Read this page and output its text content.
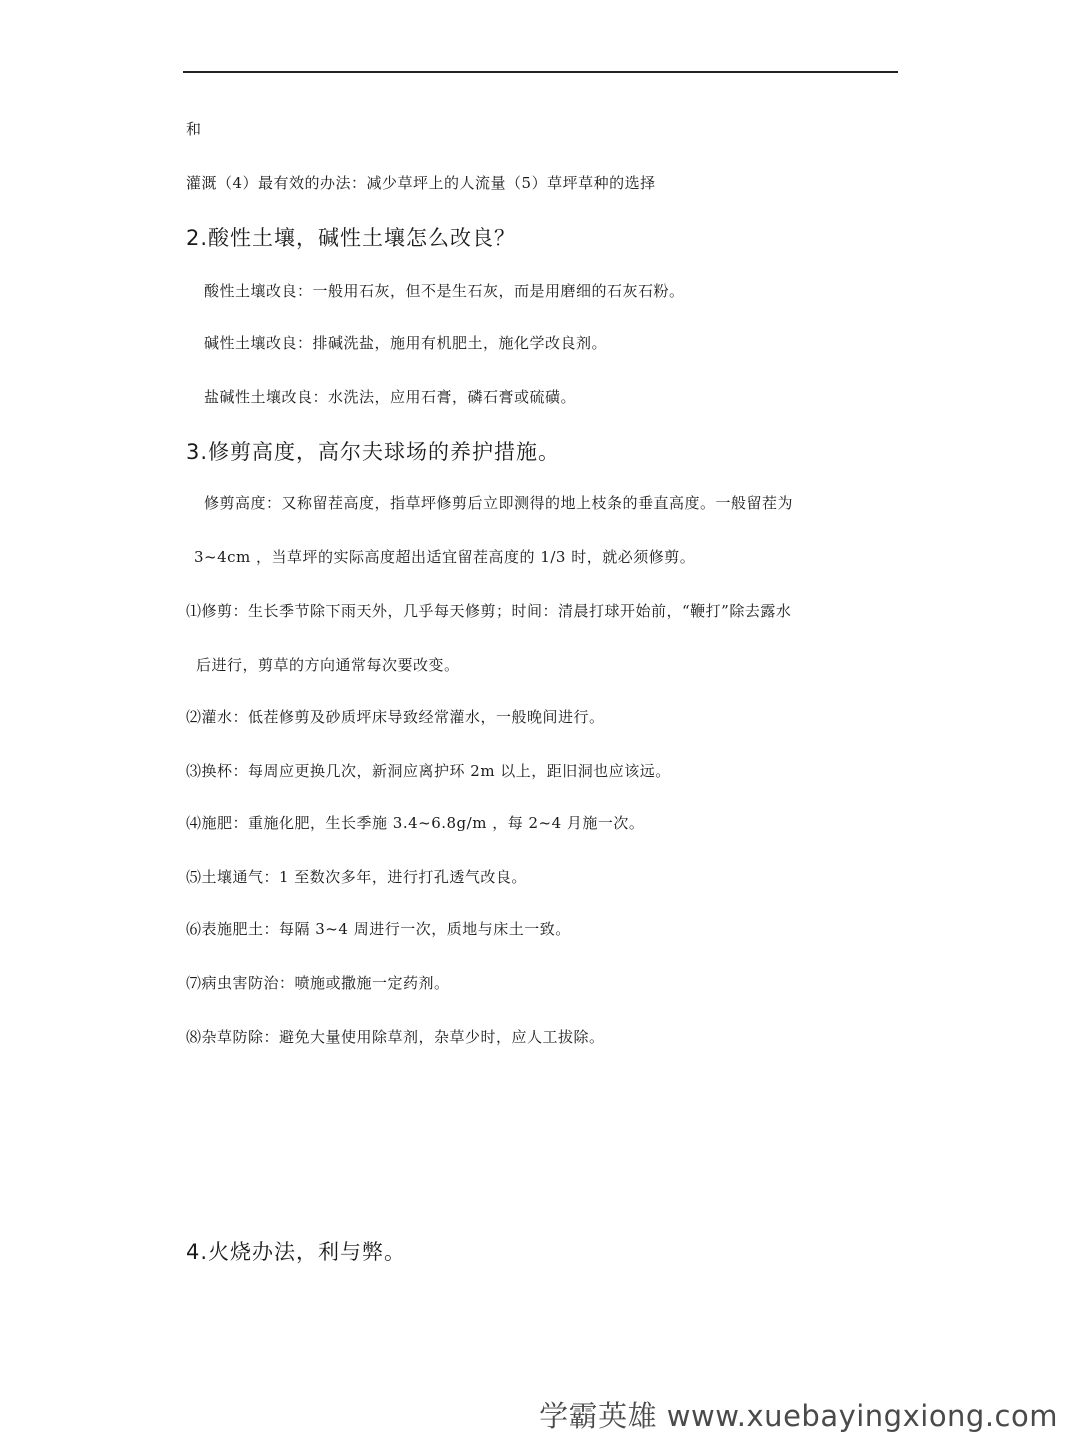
和
灌溉（4）最有效的办法：减少草坪上的人流量（5）草坪草种的选择
2.酸性土壤，碱性土壤怎么改良？
酸性土壤改良：一般用石灰，但不是生石灰，而是用磨细的石灰石粉。
碱性土壤改良：排碱洗盐，施用有机肥土，施化学改良剂。
盐碱性土壤改良：水洗法，应用石膏，磷石膏或硫磺。
3.修剪高度，高尔夫球场的养护措施。
修剪高度：又称留茬高度，指草坪修剪后立即测得的地上枝条的垂直高度。一般留茬为
3~4cm ，当草坪的实际高度超出适宜留茬高度的 1/3 时，就必须修剪。
⑴修剪：生长季节除下雨天外，几乎每天修剪；时间：清晨打球开始前，“鞭打”除去露水
后进行，剪草的方向通常每次要改变。
⑵灌水：低茬修剪及砂质坪床导致经常灌水，一般晚间进行。
⑶换杯：每周应更换几次，新洞应离护环 2m 以上，距旧洞也应该远。
⑷施肥：重施化肥，生长季施 3.4~6.8g/m ，每 2~4 月施一次。
⑸土壤通气：1 至数次多年，进行打孔透气改良。
⑹表施肥土：每隔 3~4 周进行一次，质地与床土一致。
⑺病虫害防治：喷施或撒施一定药剂。
⑻杂草防除：避免大量使用除草剂，杂草少时，应人工拔除。
4.火烧办法，利与弊。
学霸英雄 www.xuebayingxiong.com
